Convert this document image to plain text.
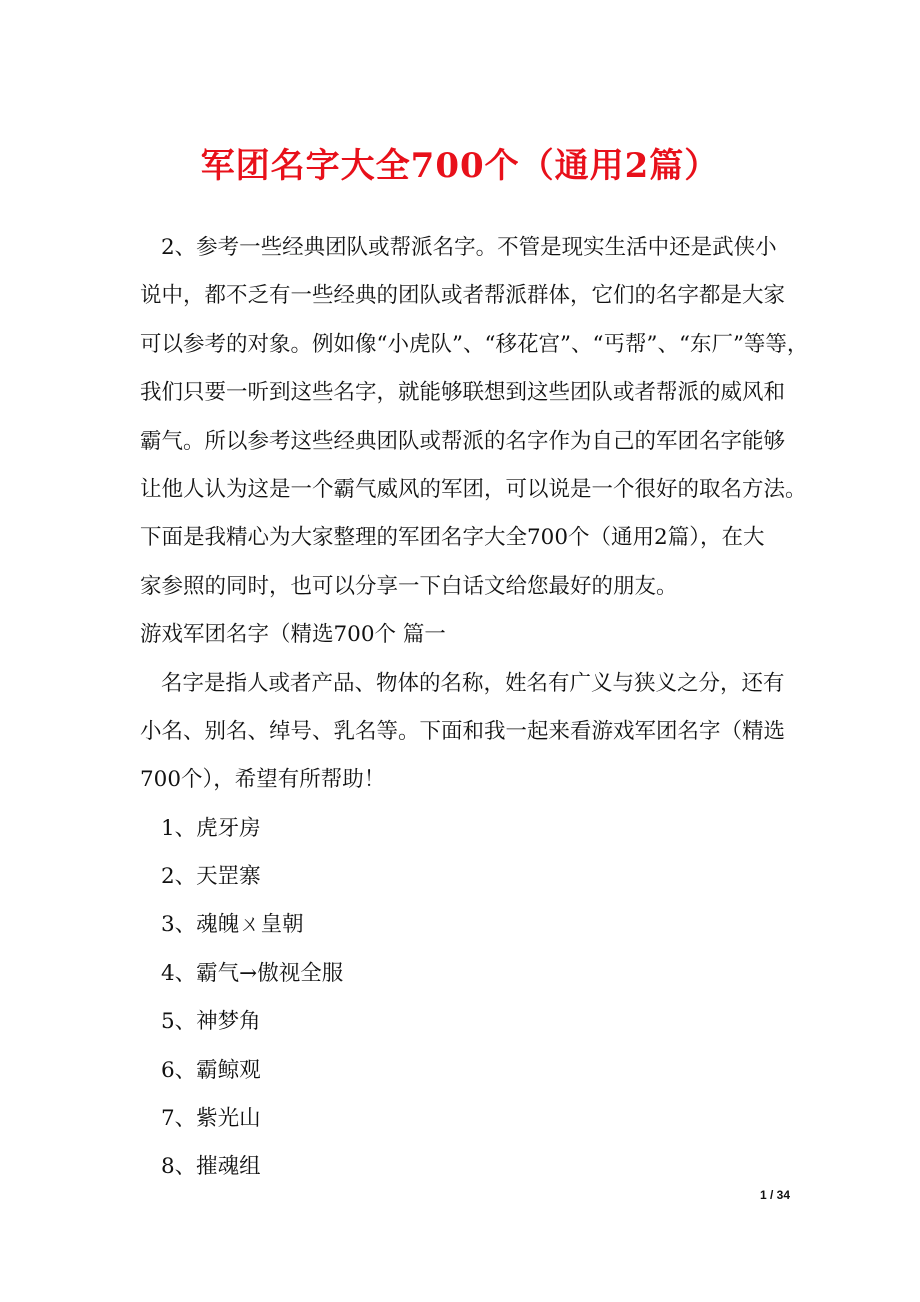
军团名字大全700个（通用2篇）
2、参考一些经典团队或帮派名字。不管是现实生活中还是武侠小
说中，都不乏有一些经典的团队或者帮派群体，它们的名字都是大家
可以参考的对象。例如像“小虎队”、“移花宫”、“丐帮”、“东厂”等等，
我们只要一听到这些名字，就能够联想到这些团队或者帮派的威风和
霸气。所以参考这些经典团队或帮派的名字作为自己的军团名字能够
让他人认为这是一个霸气威风的军团，可以说是一个很好的取名方法。
下面是我精心为大家整理的军团名字大全700个（通用2篇），在大
家参照的同时，也可以分享一下白话文给您最好的朋友。
游戏军团名字（精选700个 篇一
名字是指人或者产品、物体的名称，姓名有广义与狭义之分，还有
小名、别名、绰号、乳名等。下面和我一起来看游戏军团名字（精选
700个），希望有所帮助！
1、虎牙房
2、天罡寨
3、魂魄ㄨ皇朝
4、霸气→傲视全服
5、神梦角
6、霸鲸观
7、紫光山
8、摧魂组
1 / 34
